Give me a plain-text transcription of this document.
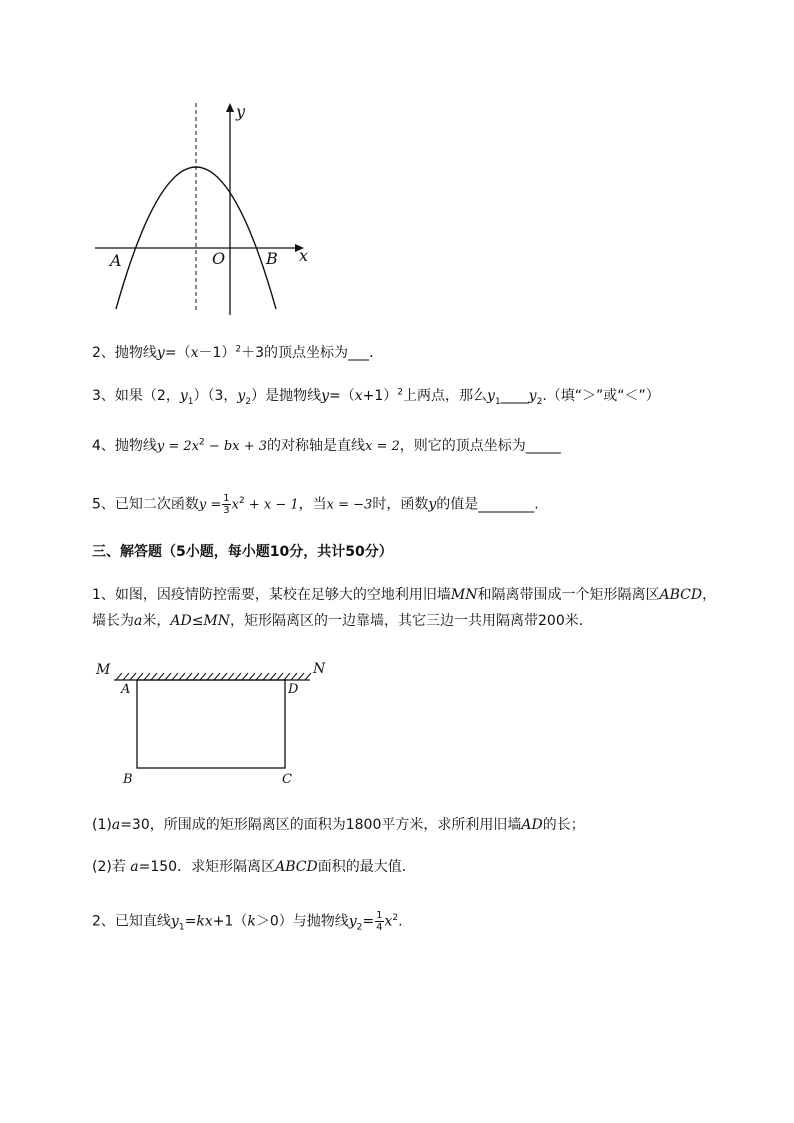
y
x
A	O	B
2、抛物线$y=(x-1)^2+3$的顶点坐标为___．
3、如果（2，$y_1)(3$，$y_2$）是抛物线$y=(x+1)^2$上两点，那么$y_1\_\_\_\_y_2$.（填“＞”或“＜”）
4、抛物线$y = 2x^2$ − bx + 3的对称轴是直线x = 2，则它的顶点坐标为_____
5、已知二次函数$y = \frac{1}{3} x^2 + x - 1$，当x = −3时，函数y的值是________.
三、解答题（5小题，每小题10分，共计50分）
1、如图，因疫情防控需要，某校在足够大的空地利用旧墙MN和隔离带围成一个矩形隔离区ABCD，
墙长为a米，AD≤MN，矩形隔离区的一边靠墙，其它三边一共用隔离带200米．
M	N
A	D
B	C
(1)a=30，所围成的矩形隔离区的面积为1800平方米，求所利用旧墙AD的长；
(2)若 a=150．求矩形隔离区ABCD面积的最大值．
2、已知直线$y_1=kx+1(k>0)$与抛物线$y_2= \frac{1}{4} x^2$.
